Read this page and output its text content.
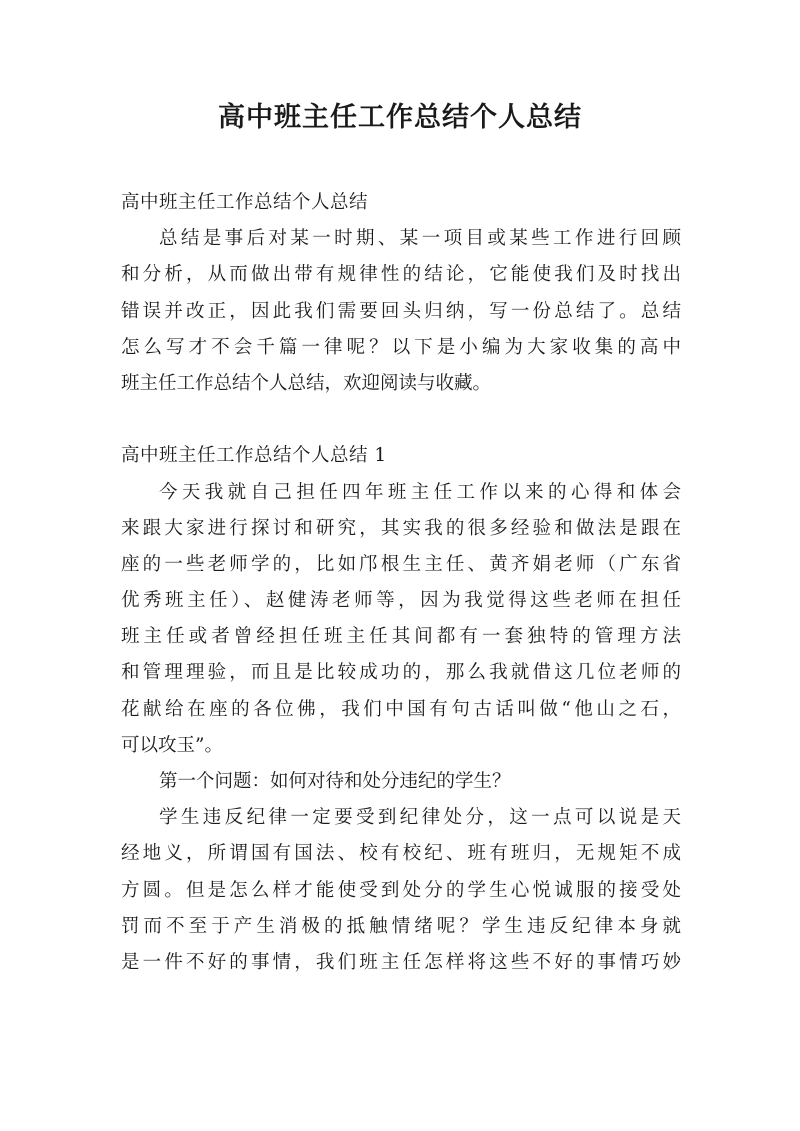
高中班主任工作总结个人总结

高中班主任工作总结个人总结

总结是事后对某一时期、某一项目或某些工作进行回顾

和分析，从而做出带有规律性的结论，它能使我们及时找出

错误并改正，因此我们需要回头归纳，写一份总结了。总结

怎么写才不会千篇一律呢？以下是小编为大家收集的高中

班主任工作总结个人总结，欢迎阅读与收藏。

高中班主任工作总结个人总结 1

今天我就自己担任四年班主任工作以来的心得和体会

来跟大家进行探讨和研究，其实我的很多经验和做法是跟在

座的一些老师学的，比如邝根生主任、黄齐娟老师（广东省

优秀班主任）、赵健涛老师等，因为我觉得这些老师在担任

班主任或者曾经担任班主任其间都有一套独特的管理方法

和管理理验，而且是比较成功的，那么我就借这几位老师的

花献给在座的各位佛，我们中国有句古话叫做“他山之石，

可以攻玉”。

第一个问题：如何对待和处分违纪的学生？

学生违反纪律一定要受到纪律处分，这一点可以说是天

经地义，所谓国有国法、校有校纪、班有班归，无规矩不成

方圆。但是怎么样才能使受到处分的学生心悦诚服的接受处

罚而不至于产生消极的抵触情绪呢？学生违反纪律本身就

是一件不好的事情，我们班主任怎样将这些不好的事情巧妙
